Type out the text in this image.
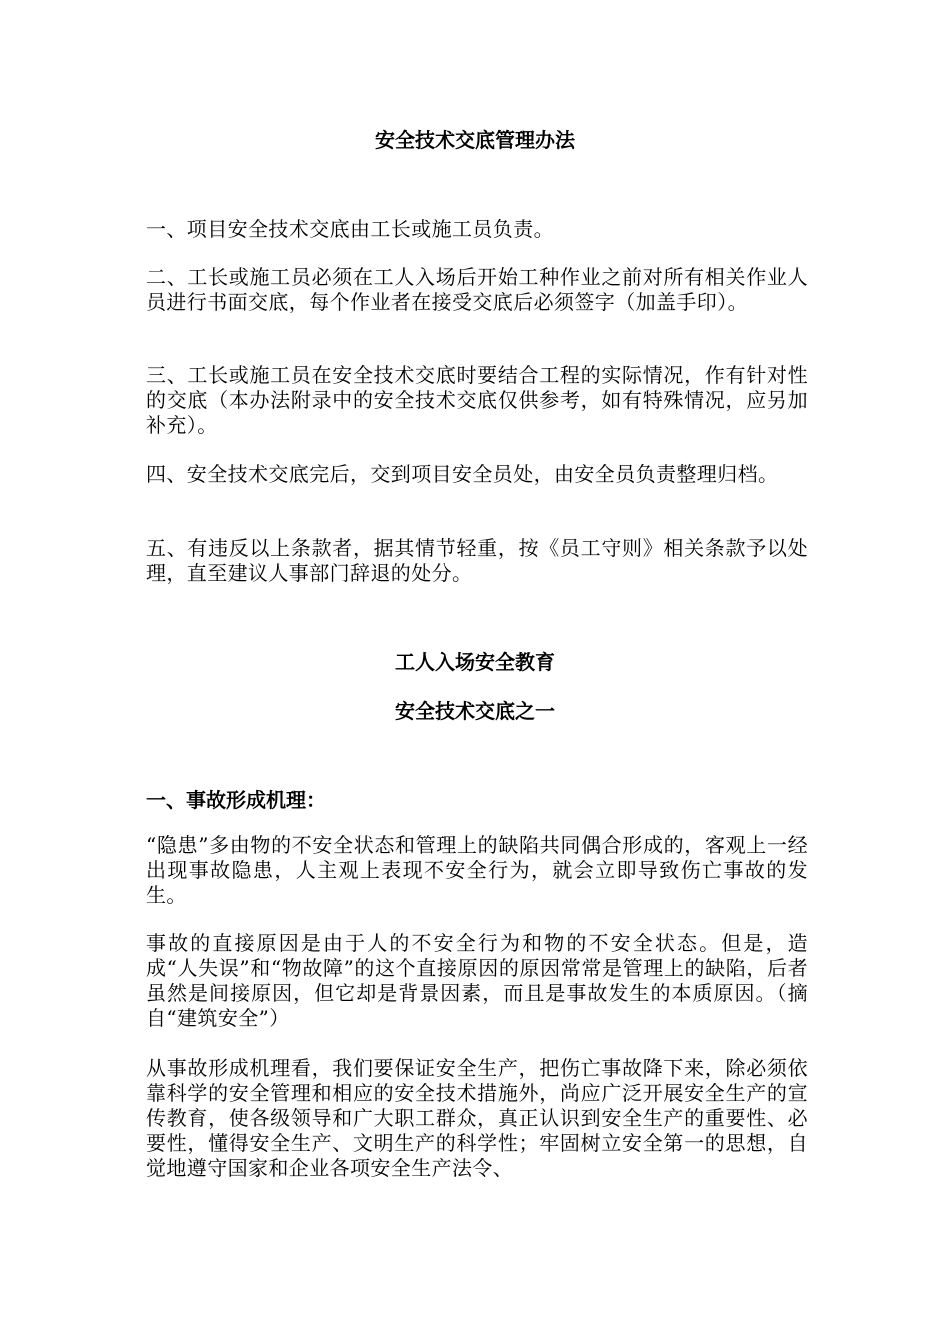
安全技术交底管理办法
一、项目安全技术交底由工长或施工员负责。
二、工长或施工员必须在工人入场后开始工种作业之前对所有相关作业人员进行书面交底，每个作业者在接受交底后必须签字（加盖手印）。
三、工长或施工员在安全技术交底时要结合工程的实际情况，作有针对性的交底（本办法附录中的安全技术交底仅供参考，如有特殊情况，应另加补充）。
四、安全技术交底完后，交到项目安全员处，由安全员负责整理归档。
五、有违反以上条款者，据其情节轻重，按《员工守则》相关条款予以处理，直至建议人事部门辞退的处分。
工人入场安全教育
安全技术交底之一
一、事故形成机理：
“隐患”多由物的不安全状态和管理上的缺陷共同偶合形成的，客观上一经出现事故隐患，人主观上表现不安全行为，就会立即导致伤亡事故的发生。
事故的直接原因是由于人的不安全行为和物的不安全状态。但是，造成“人失误”和“物故障”的这个直接原因的原因常常是管理上的缺陷，后者虽然是间接原因，但它却是背景因素，而且是事故发生的本质原因。（摘自“建筑安全”）
从事故形成机理看，我们要保证安全生产，把伤亡事故降下来，除必须依靠科学的安全管理和相应的安全技术措施外，尚应广泛开展安全生产的宣传教育，使各级领导和广大职工群众，真正认识到安全生产的重要性、必要性，懂得安全生产、文明生产的科学性；牢固树立安全第一的思想，自觉地遵守国家和企业各项安全生产法令、
